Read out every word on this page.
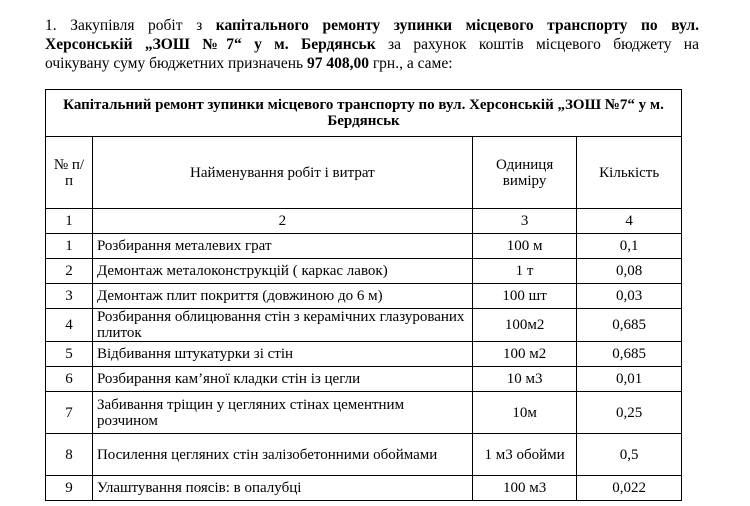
1. Закупівля робіт з капітального ремонту зупинки місцевого транспорту по вул.
Херсонській „ЗОШ №7“ у м. Бердянськ за рахунок коштів місцевого бюджету на
очікувану суму бюджетних призначень 97 408,00 грн., а саме:
Капітальний ремонт зупинки місцевого транспорту по вул. Херсонській „ЗОШ №7“ у м. Бердянськ			
№ п/п	Найменування робіт і витрат	Одиниця виміру	Кількість
1	2	3	4
1	Розбирання металевих грат	100 м	0,1
2	Демонтаж металоконструкцій ( каркас лавок)	1 т	0,08
3	Демонтаж плит покриття (довжиною до 6 м)	100 шт	0,03
4	Розбирання облицювання стін з керамічних глазурованих плиток	100м2	0,685
5	Відбивання штукатурки зі стін	100 м2	0,685
6	Розбирання кам’яної кладки стін із цегли	10 м3	0,01
7	Забивання тріщин у цегляних стінах цементним розчином	10м	0,25
8	Посилення цегляних стін залізобетонними обоймами	1 м3 обойми	0,5
9	Улаштування поясів: в опалубці	100 м3	0,022
